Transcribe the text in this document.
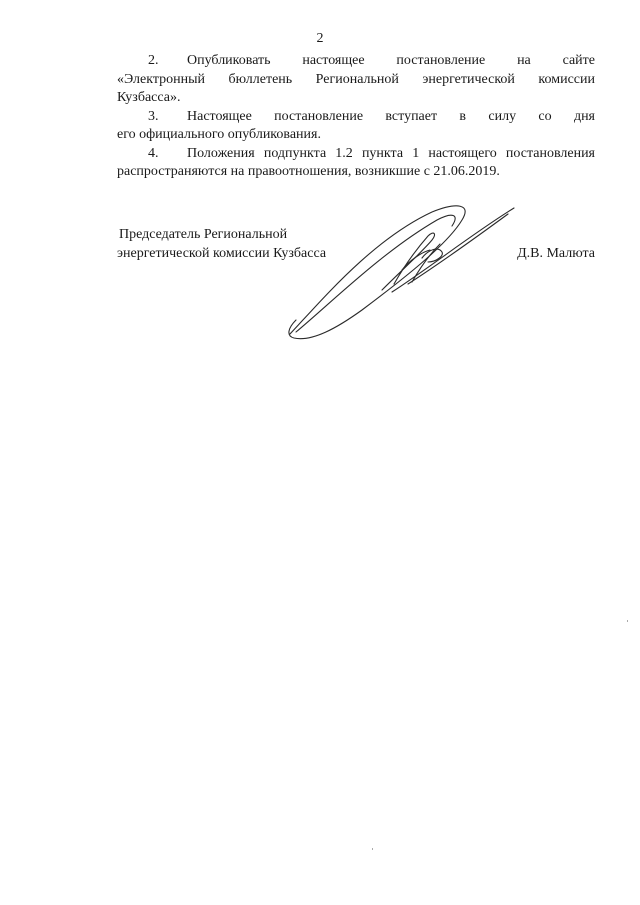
2

2. Опубликовать настоящее постановление на сайте

«Электронный бюллетень Региональной энергетической комиссии

Кузбасса».

3. Настоящее постановление вступает в силу со дня

его официального опубликования.

4. Положения подпункта 1.2 пункта 1 настоящего постановления

распространяются на правоотношения, возникшие с 21.06.2019.

Председатель Региональной
энергетической комиссии Кузбасса	Д.В. Малюта
